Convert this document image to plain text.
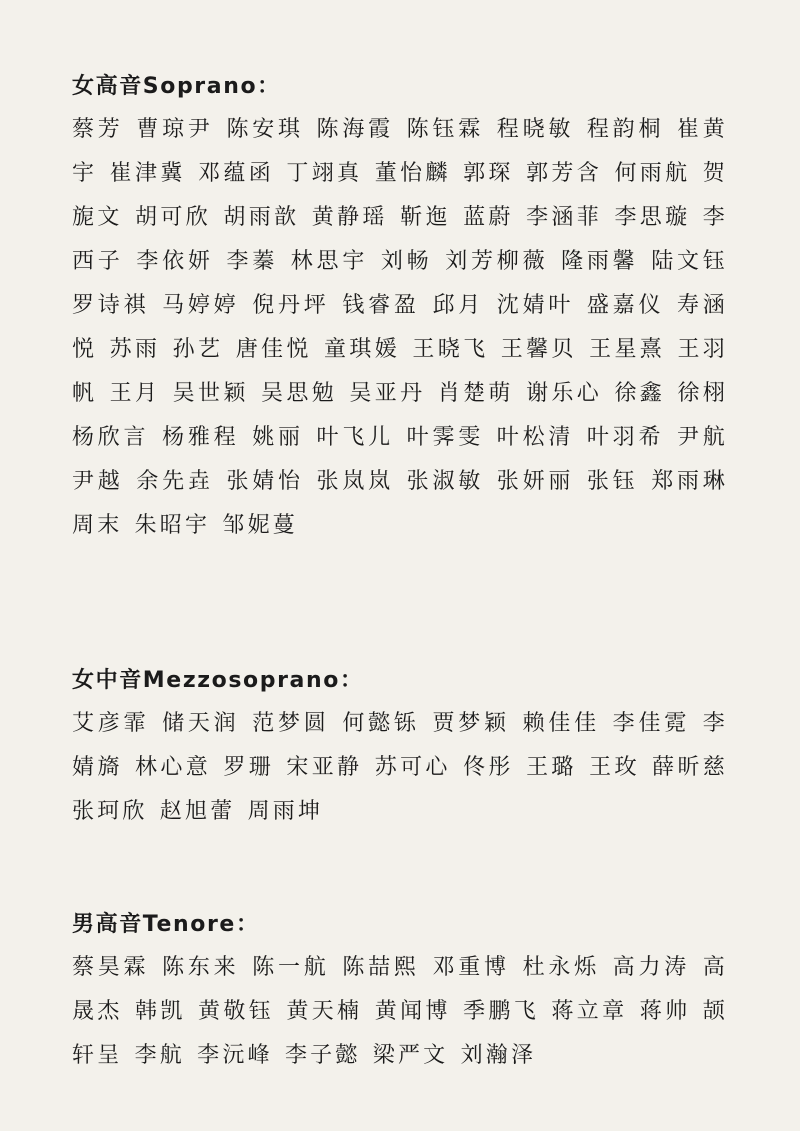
女高音Soprano：

蔡芳 曹琼尹 陈安琪 陈海霞 陈钰霖 程晓敏 程韵桐 崔黄宇 崔津冀 邓蕴函 丁翊真 董怡麟 郭琛 郭芳含 何雨航 贺旎文 胡可欣 胡雨歆 黄静瑶 靳迤 蓝蔚 李涵菲 李思璇 李西子 李依妍 李蓁 林思宇 刘畅 刘芳柳薇 隆雨馨 陆文钰 罗诗祺 马婷婷 倪丹坪 钱睿盈 邱月 沈婧叶 盛嘉仪 寿涵悦 苏雨 孙艺 唐佳悦 童琪媛 王晓飞 王馨贝 王星熹 王羽帆 王月 吴世颖 吴思勉 吴亚丹 肖楚萌 谢乐心 徐鑫 徐栩 杨欣言 杨雅程 姚丽 叶飞儿 叶霁雯 叶松清 叶羽希 尹航 尹越 余先垚 张婧怡 张岚岚 张淑敏 张妍丽 张钰 郑雨琳 周末 朱昭宇 邹妮蔓

女中音Mezzosoprano：

艾彦霏 储天润 范梦圆 何懿铄 贾梦颖 赖佳佳 李佳霓 李婧旖 林心意 罗珊 宋亚静 苏可心 佟彤 王璐 王玫 薛昕慈 张珂欣 赵旭蕾 周雨坤

男高音Tenore：

蔡昊霖 陈东来 陈一航 陈喆熙 邓重博 杜永烁 高力涛 高晟杰 韩凯 黄敬钰 黄天楠 黄闻博 季鹏飞 蒋立章 蒋帅 颉轩呈 李航 李沅峰 李子懿 梁严文 刘瀚泽
